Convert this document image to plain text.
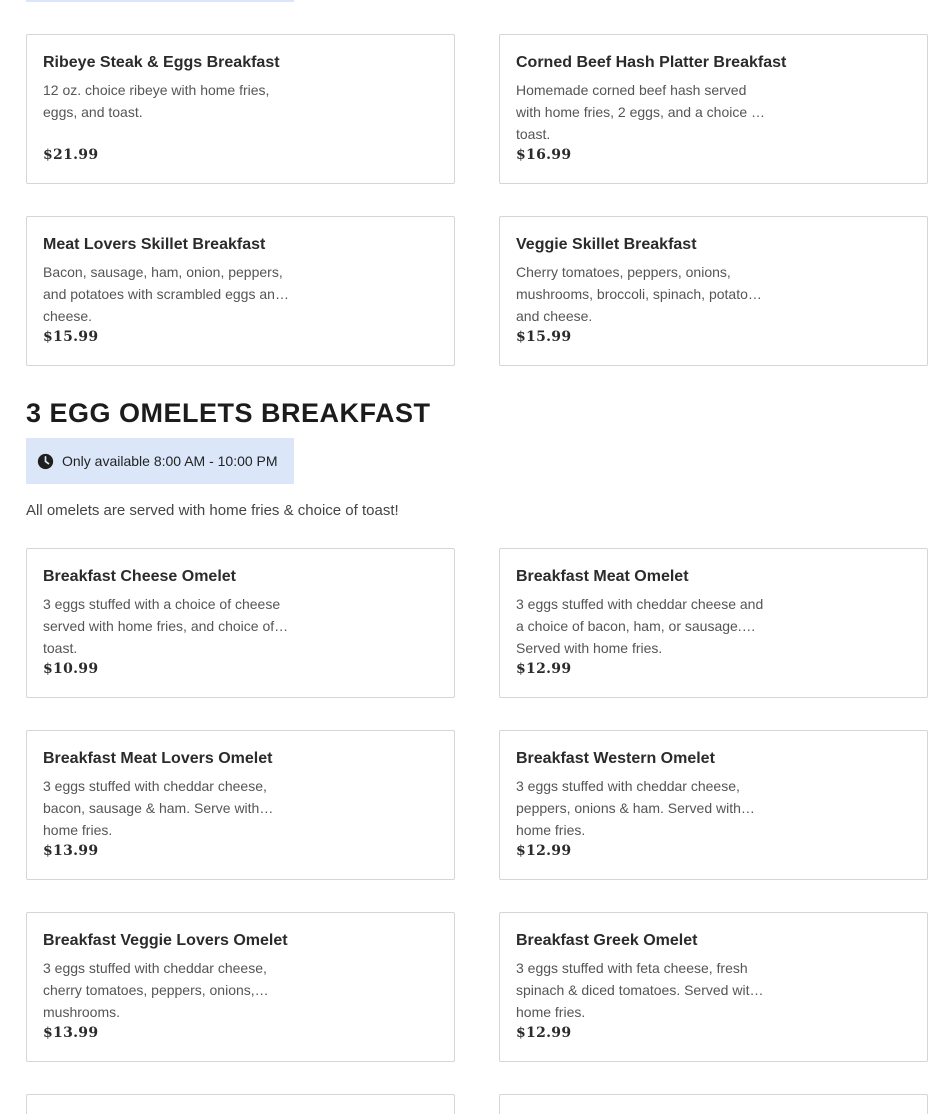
Ribeye Steak & Eggs Breakfast
12 oz. choice ribeye with home fries, eggs, and toast.
$21.99
Corned Beef Hash Platter Breakfast
Homemade corned beef hash served with home fries, 2 eggs, and a choice of toast.
$16.99
Meat Lovers Skillet Breakfast
Bacon, sausage, ham, onion, peppers, and potatoes with scrambled eggs and cheese.
$15.99
Veggie Skillet Breakfast
Cherry tomatoes, peppers, onions, mushrooms, broccoli, spinach, potatoes and cheese.
$15.99
3 EGG OMELETS BREAKFAST
Only available 8:00 AM - 10:00 PM
All omelets are served with home fries & choice of toast!
Breakfast Cheese Omelet
3 eggs stuffed with a choice of cheese served with home fries, and choice of toast.
$10.99
Breakfast Meat Omelet
3 eggs stuffed with cheddar cheese and a choice of bacon, ham, or sausage. Served with home fries.
$12.99
Breakfast Meat Lovers Omelet
3 eggs stuffed with cheddar cheese, bacon, sausage & ham. Serve with home fries.
$13.99
Breakfast Western Omelet
3 eggs stuffed with cheddar cheese, peppers, onions & ham. Served with home fries.
$12.99
Breakfast Veggie Lovers Omelet
3 eggs stuffed with cheddar cheese, cherry tomatoes, peppers, onions, mushrooms.
$13.99
Breakfast Greek Omelet
3 eggs stuffed with feta cheese, fresh spinach & diced tomatoes. Served with home fries.
$12.99
